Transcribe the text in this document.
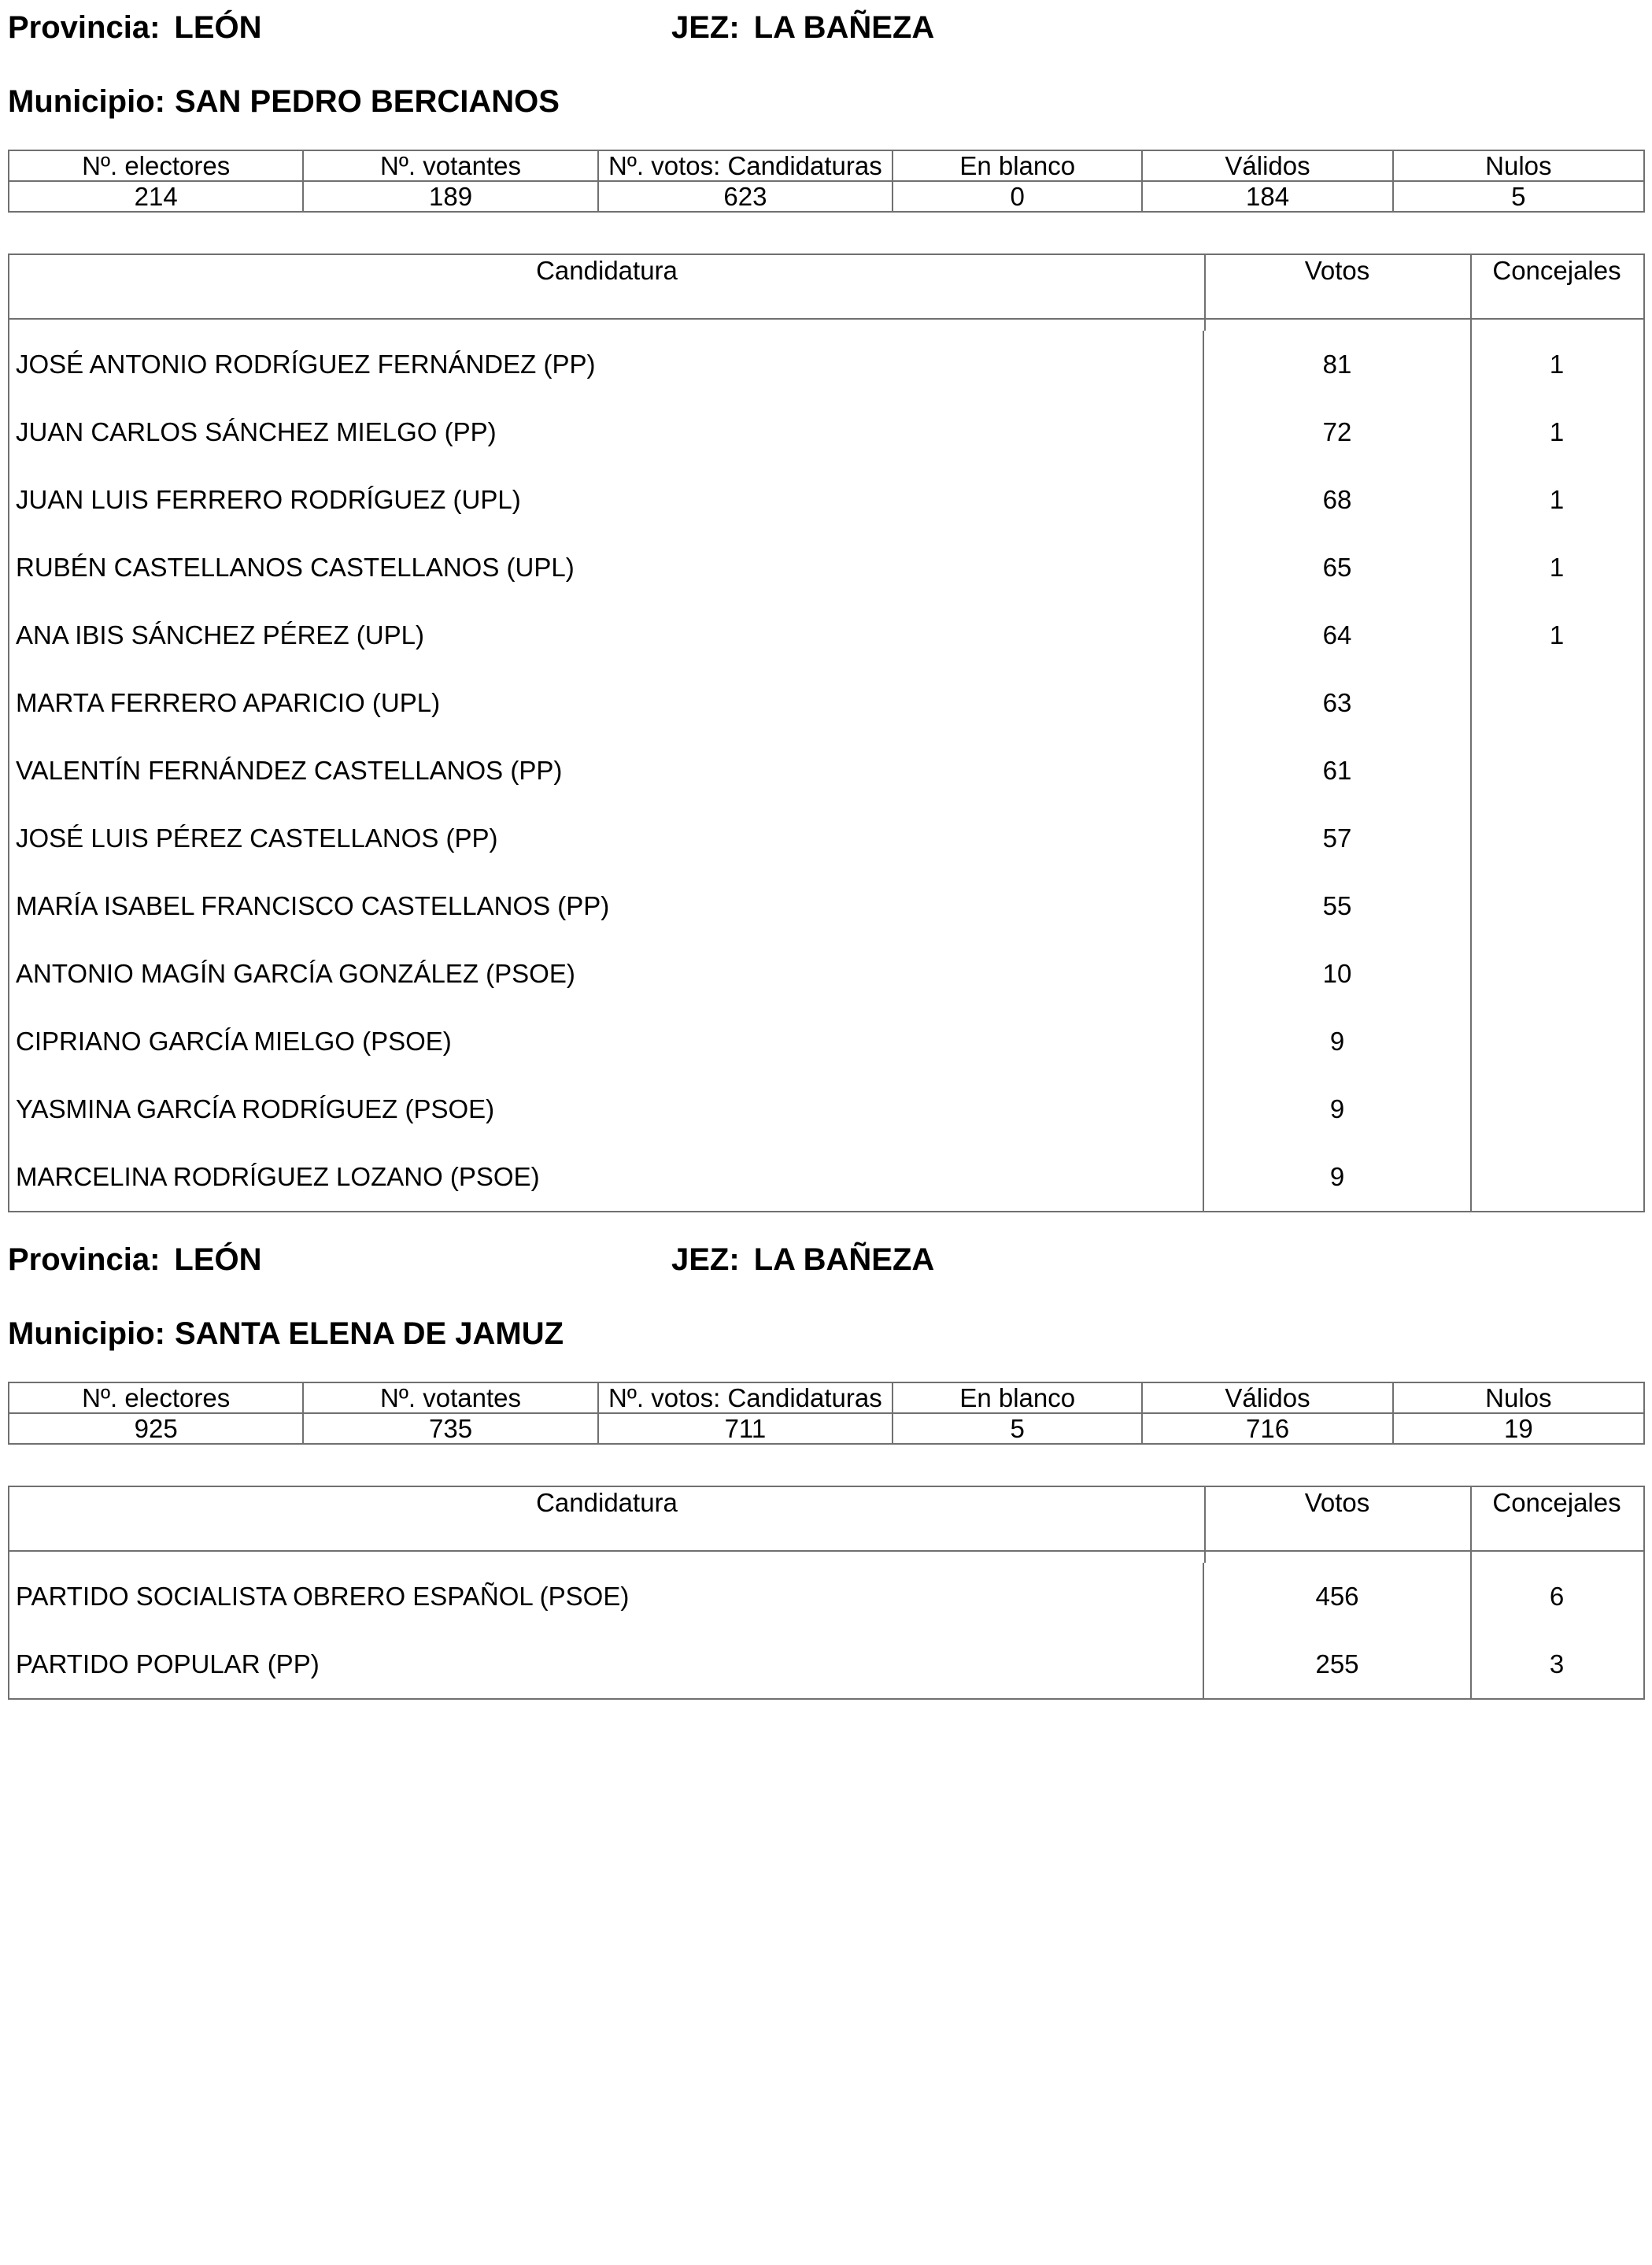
Provincia: LEÓN	JEZ: LA BAÑEZA
Municipio: SAN PEDRO BERCIANOS
Nº. electores	Nº. votantes	Nº. votos: Candidaturas	En blanco	Válidos	Nulos
214	189	623	0	184	5
Candidatura	Votos	Concejales
JOSÉ ANTONIO RODRÍGUEZ FERNÁNDEZ (PP)	81	1
JUAN CARLOS SÁNCHEZ MIELGO (PP)	72	1
JUAN LUIS FERRERO RODRÍGUEZ (UPL)	68	1
RUBÉN CASTELLANOS CASTELLANOS (UPL)	65	1
ANA IBIS SÁNCHEZ PÉREZ (UPL)	64	1
MARTA FERRERO APARICIO (UPL)	63
VALENTÍN FERNÁNDEZ CASTELLANOS (PP)	61
JOSÉ LUIS PÉREZ CASTELLANOS (PP)	57
MARÍA ISABEL FRANCISCO CASTELLANOS (PP)	55
ANTONIO MAGÍN GARCÍA GONZÁLEZ (PSOE)	10
CIPRIANO GARCÍA MIELGO (PSOE)	9
YASMINA GARCÍA RODRÍGUEZ (PSOE)	9
MARCELINA RODRÍGUEZ LOZANO (PSOE)	9
Provincia: LEÓN	JEZ: LA BAÑEZA
Municipio: SANTA ELENA DE JAMUZ
Nº. electores	Nº. votantes	Nº. votos: Candidaturas	En blanco	Válidos	Nulos
925	735	711	5	716	19
Candidatura	Votos	Concejales
PARTIDO SOCIALISTA OBRERO ESPAÑOL (PSOE)	456	6
PARTIDO POPULAR (PP)	255	3
